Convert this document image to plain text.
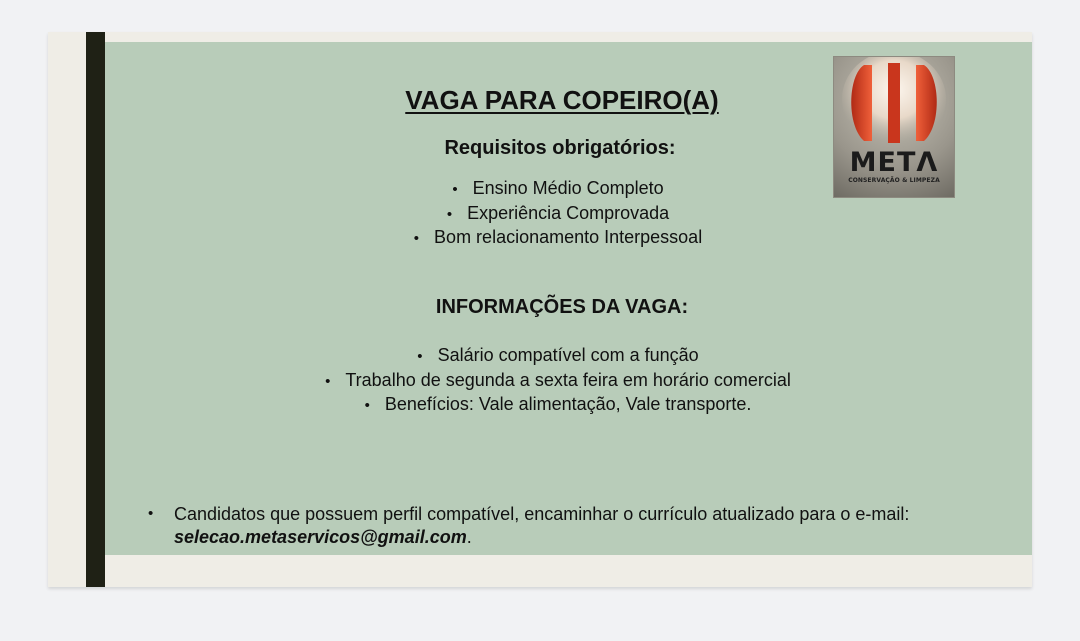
VAGA PARA COPEIRO(A)
Requisitos obrigatórios:
• Ensino Médio Completo
• Experiência Comprovada
• Bom relacionamento Interpessoal
INFORMAÇÕES DA VAGA:
• Salário compatível com a função
• Trabalho de segunda a sexta feira em horário comercial
• Benefícios: Vale alimentação, Vale transporte.

• Candidatos que possuem perfil compatível, encaminhar o currículo atualizado para o e-mail: selecao.metaservicos@gmail.com.

METΛ
CONSERVAÇÃO & LIMPEZA
